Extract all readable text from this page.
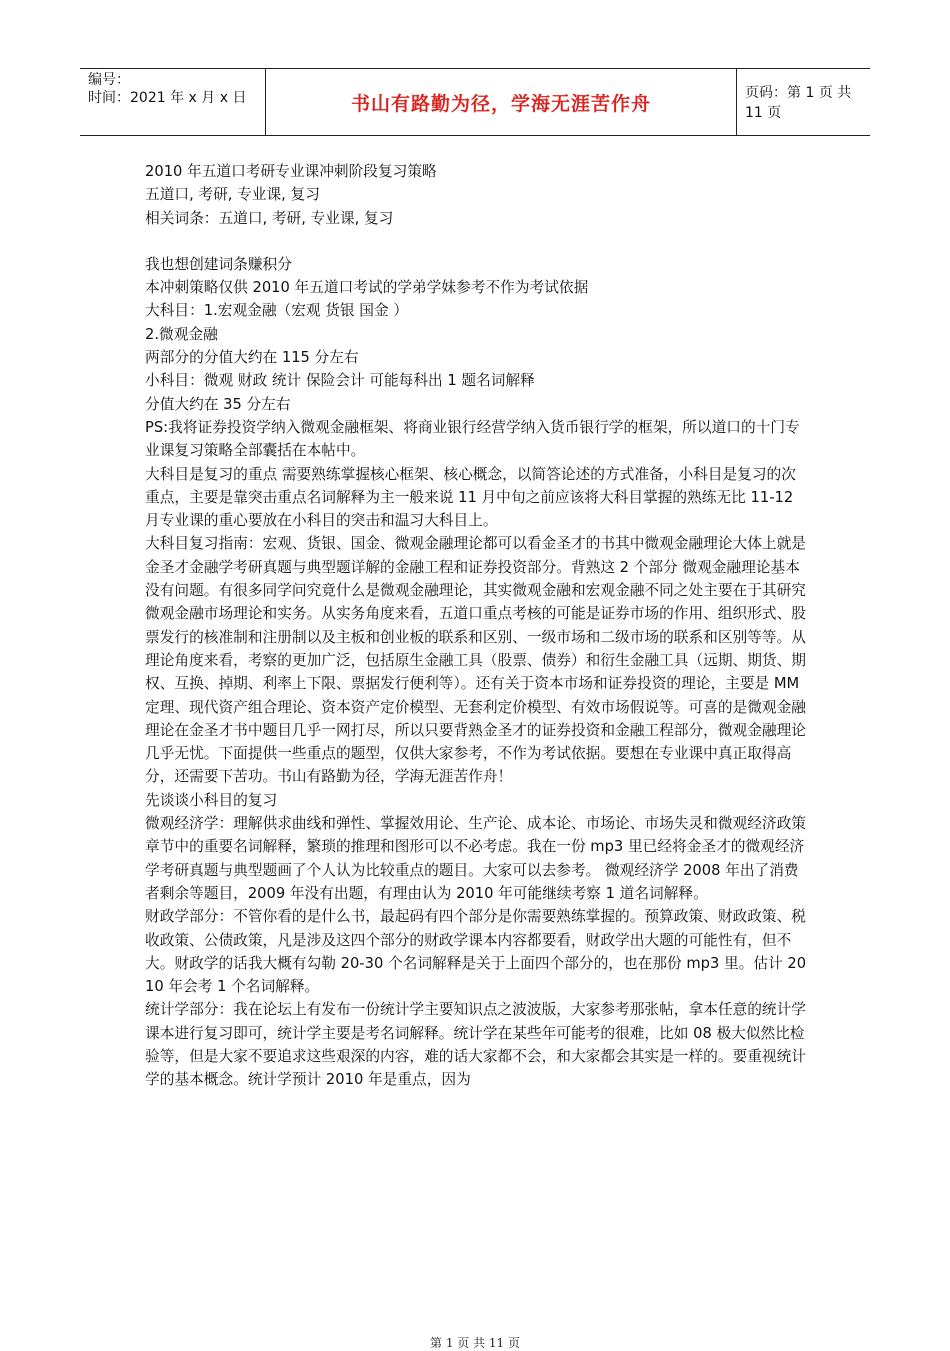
编号：
时间：2021 年 x 月 x 日	书山有路勤为径，学海无涯苦作舟	页码：第 1 页 共 11 页

2010 年五道口考研专业课冲刺阶段复习策略

五道口, 考研, 专业课, 复习

相关词条：五道口, 考研, 专业课, 复习

我也想创建词条赚积分

本冲刺策略仅供 2010 年五道口考试的学弟学妹参考不作为考试依据

大科目：1.宏观金融（宏观 货银 国金 ）

2.微观金融

两部分的分值大约在 115 分左右

小科目：微观 财政 统计 保险会计 可能每科出 1 题名词解释

分值大约在 35 分左右

PS:我将证券投资学纳入微观金融框架、将商业银行经营学纳入货币银行学的框架，所以道口的十门专业课复习策略全部囊括在本帖中。

大科目是复习的重点 需要熟练掌握核心框架、核心概念，以简答论述的方式准备，小科目是复习的次重点，主要是靠突击重点名词解释为主一般来说 11 月中旬之前应该将大科目掌握的熟练无比 11-12 月专业课的重心要放在小科目的突击和温习大科目上。

大科目复习指南：宏观、货银、国金、微观金融理论都可以看金圣才的书其中微观金融理论大体上就是金圣才金融学考研真题与典型题详解的金融工程和证券投资部分。背熟这 2 个部分 微观金融理论基本没有问题。有很多同学问究竟什么是微观金融理论，其实微观金融和宏观金融不同之处主要在于其研究微观金融市场理论和实务。从实务角度来看，五道口重点考核的可能是证券市场的作用、组织形式、股票发行的核准制和注册制以及主板和创业板的联系和区别、一级市场和二级市场的联系和区别等等。从理论角度来看，考察的更加广泛，包括原生金融工具（股票、债券）和衍生金融工具（远期、期货、期权、互换、掉期、利率上下限、票据发行便利等）。还有关于资本市场和证券投资的理论，主要是 MM 定理、现代资产组合理论、资本资产定价模型、无套利定价模型、有效市场假说等。可喜的是微观金融理论在金圣才书中题目几乎一网打尽，所以只要背熟金圣才的证券投资和金融工程部分，微观金融理论几乎无忧。下面提供一些重点的题型，仅供大家参考，不作为考试依据。要想在专业课中真正取得高分，还需要下苦功。书山有路勤为径，学海无涯苦作舟！

先谈谈小科目的复习

微观经济学：理解供求曲线和弹性、掌握效用论、生产论、成本论、市场论、市场失灵和微观经济政策章节中的重要名词解释，繁琐的推理和图形可以不必考虑。我在一份 mp3 里已经将金圣才的微观经济学考研真题与典型题画了个人认为比较重点的题目。大家可以去参考。 微观经济学 2008 年出了消费者剩余等题目，2009 年没有出题，有理由认为 2010 年可能继续考察 1 道名词解释。

财政学部分：不管你看的是什么书，最起码有四个部分是你需要熟练掌握的。预算政策、财政政策、税收政策、公债政策，凡是涉及这四个部分的财政学课本内容都要看，财政学出大题的可能性有，但不大。财政学的话我大概有勾勒 20-30 个名词解释是关于上面四个部分的，也在那份 mp3 里。估计 2010 年会考 1 个名词解释。

统计学部分：我在论坛上有发布一份统计学主要知识点之波波版，大家参考那张帖，拿本任意的统计学课本进行复习即可，统计学主要是考名词解释。统计学在某些年可能考的很难，比如 08 极大似然比检验等，但是大家不要追求这些艰深的内容，难的话大家都不会，和大家都会其实是一样的。要重视统计学的基本概念。统计学预计 2010 年是重点，因为

第 1 页 共 11 页
